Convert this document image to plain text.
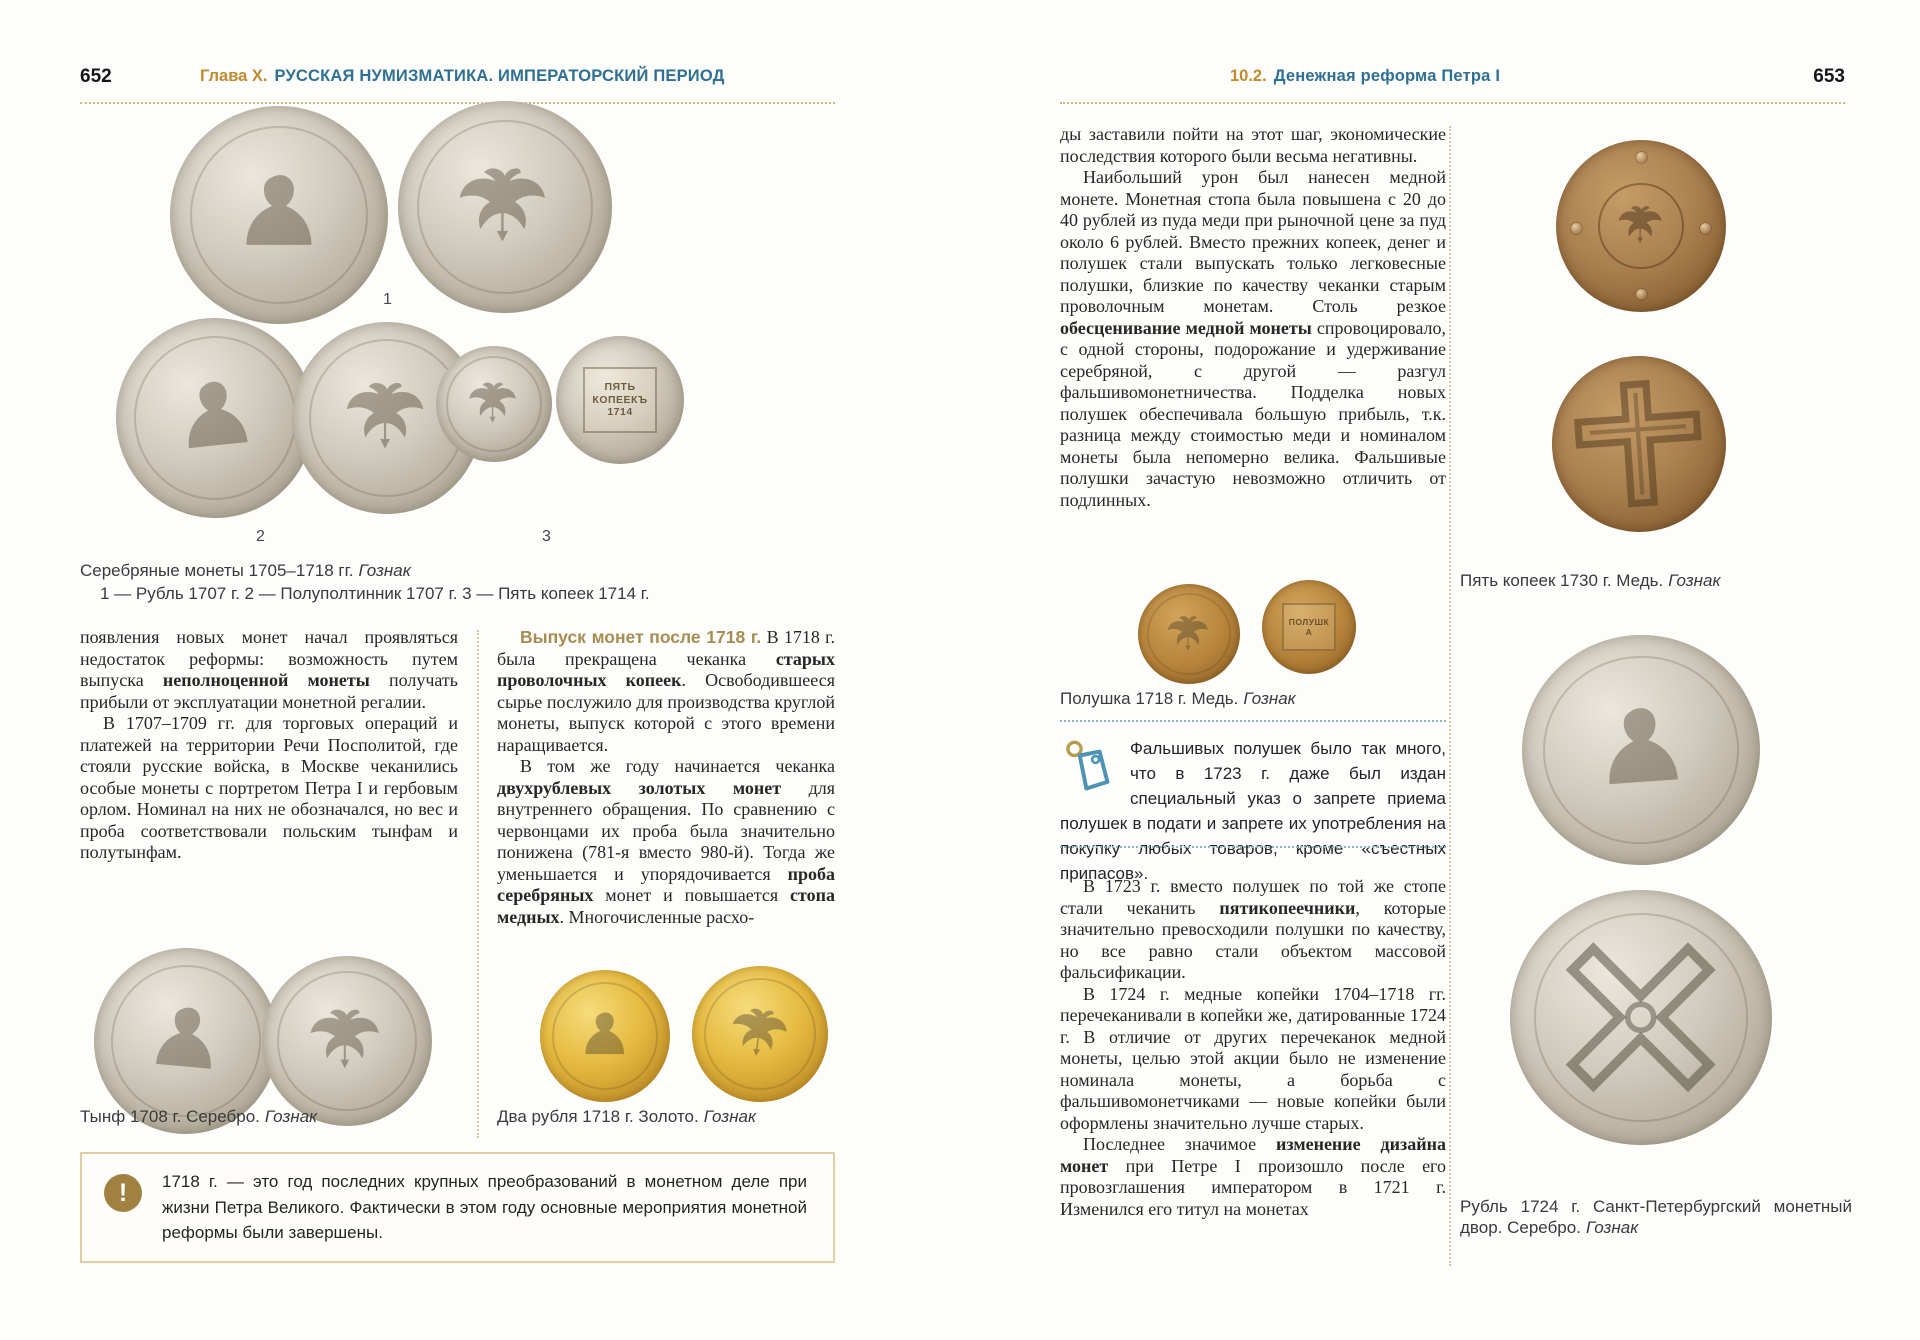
652	Глава X. РУССКАЯ НУМИЗМАТИКА. ИМПЕРАТОРСКИЙ ПЕРИОД
1
ПЯТЬ КОПЕЕКЪ 1714
2	3
Серебряные монеты 1705–1718 гг. Гознак
1 — Рубль 1707 г. 2 — Полуполтинник 1707 г. 3 — Пять копеек 1714 г.

появления новых монет начал проявляться недостаток реформы: возможность путем выпуска неполноценной монеты получать прибыли от эксплуатации монетной регалии.

В 1707–1709 гг. для торговых операций и платежей на территории Речи Посполитой, где стояли русские войска, в Москве чеканились особые монеты с портретом Петра I и гербовым орлом. Номинал на них не обозначался, но вес и проба соответствовали польским тынфам и полутынфам.

Выпуск монет после 1718 г. В 1718 г. была прекращена чеканка старых проволочных копеек. Освободившееся сырье послужило для производства круглой монеты, выпуск которой с этого времени наращивается.

В том же году начинается чеканка двухрублевых золотых монет для внутреннего обращения. По сравнению с червонцами их проба была значительно понижена (781-я вместо 980-й). Тогда же уменьшается и упорядочивается проба серебряных монет и повышается стопа медных. Многочисленные расхо-

Тынф 1708 г. Серебро. Гознак	Два рубля 1718 г. Золото. Гознак
!	1718 г. — это год последних крупных преобразований в монетном деле при жизни Петра Великого. Фактически в этом году основные мероприятия монетной реформы были завершены.
10.2. Денежная реформа Петра I	653

ды заставили пойти на этот шаг, экономические последствия которого были весьма негативны.

Наибольший урон был нанесен медной монете. Монетная стопа была повышена с 20 до 40 рублей из пуда меди при рыночной цене за пуд около 6 рублей. Вместо прежних копеек, денег и полушек стали выпускать только легковесные полушки, близкие по качеству чеканки старым проволочным монетам. Столь резкое обесценивание медной монеты спровоцировало, с одной стороны, подорожание и удерживание серебряной, с другой — разгул фальшивомонетничества. Подделка новых полушек обеспечивала большую прибыль, т.к. разница между стоимостью меди и номиналом монеты была непомерно велика. Фальшивые полушки зачастую невозможно отличить от подлинных.

ПОЛУШКА
Полушка 1718 г. Медь. Гознак
Фальшивых полушек было так много, что в 1723 г. даже был издан специальный указ о запрете приема полушек в подати и запрете их употребления на покупку любых товаров, кроме «съестных припасов».

В 1723 г. вместо полушек по той же стопе стали чеканить пятикопеечники, которые значительно превосходили полушки по качеству, но все равно стали объектом массовой фальсификации.

В 1724 г. медные копейки 1704–1718 гг. перечеканивали в копейки же, датированные 1724 г. В отличие от других перечеканок медной монеты, целью этой акции было не изменение номинала монеты, а борьба с фальшивомонетчиками — новые копейки были оформлены значительно лучше старых.

Последнее значимое изменение дизайна монет при Петре I произошло после его провозглашения императором в 1721 г. Изменился его титул на монетах

Пять копеек 1730 г. Медь. Гознак
Рубль 1724 г. Санкт-Петербургский монетный двор. Серебро. Гознак
